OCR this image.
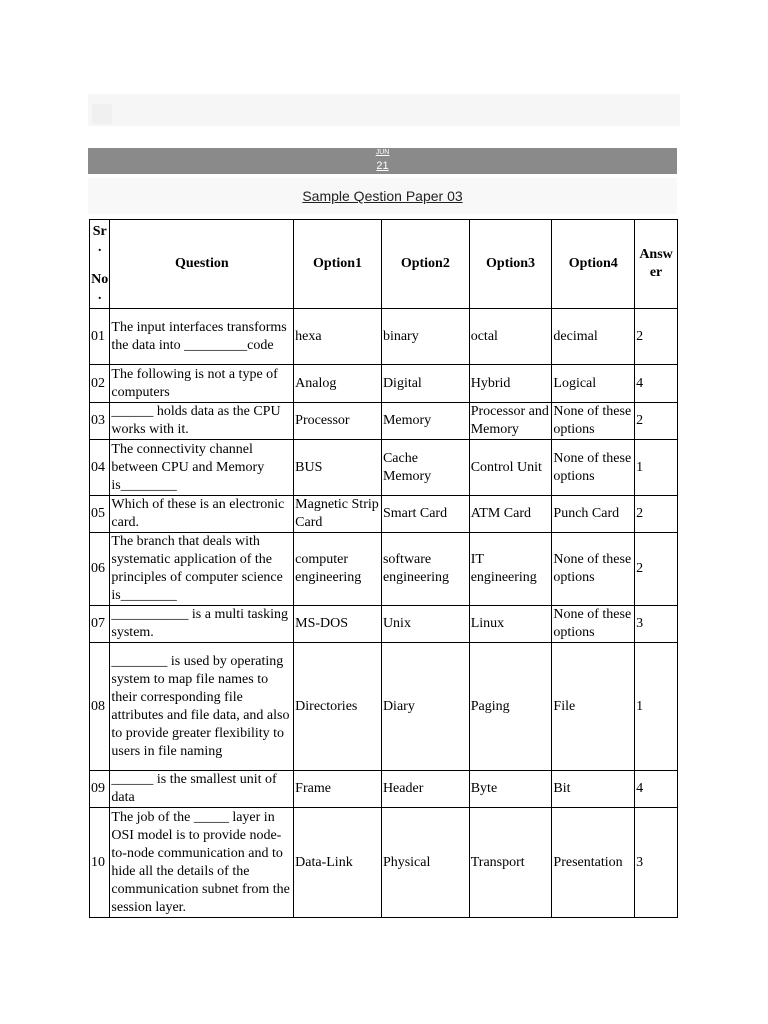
JUN
21
Sample Qestion Paper 03
Sr
.

No
.	Question	Option1	Option2	Option3	Option4	Answ
er
01	The input interfaces transforms the data into _________code	hexa	binary	octal	decimal	2
02	The following is not a type of computers	Analog	Digital	Hybrid	Logical	4
03	______ holds data as the CPU works with it.	Processor	Memory	Processor and Memory	None of these options	2
04	The connectivity channel between CPU and Memory is________	BUS	Cache Memory	Control Unit	None of these options	1
05	Which of these is an electronic card.	Magnetic Strip Card	Smart Card	ATM Card	Punch Card	2
06	The branch that deals with systematic application of the principles of computer science is________	computer engineering	software engineering	IT engineering	None of these options	2
07	___________ is a multi tasking system.	MS-DOS	Unix	Linux	None of these options	3
08	________ is used by operating system to map file names to their corresponding file attributes and file data, and also to provide greater flexibility to users in file naming	Directories	Diary	Paging	File	1
09	______ is the smallest unit of data	Frame	Header	Byte	Bit	4
10	The job of the _____ layer in OSI model is to provide node-to-node communication and to hide all the details of the communication subnet from the session layer.	Data-Link	Physical	Transport	Presentation	3
